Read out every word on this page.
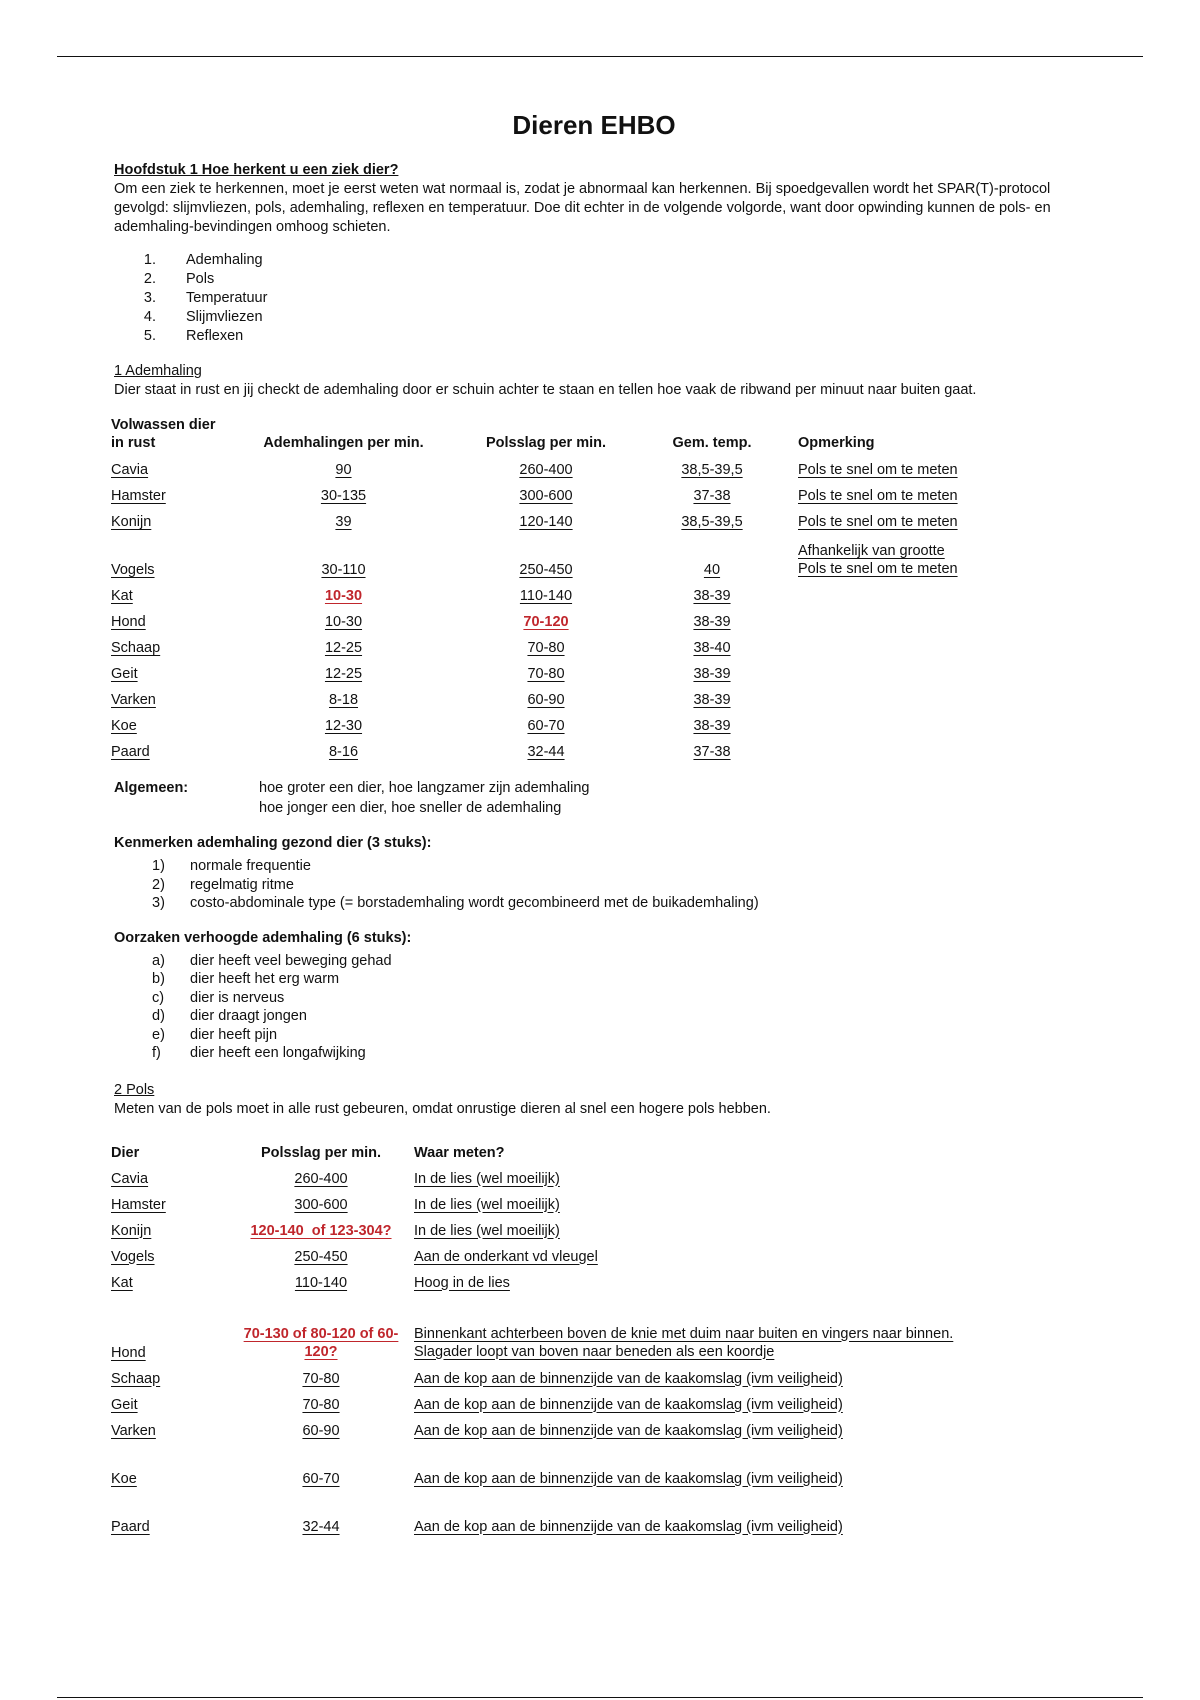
Dieren EHBO

Hoofdstuk 1 Hoe herkent u een ziek dier?

Om een ziek te herkennen, moet je eerst weten wat normaal is, zodat je abnormaal kan herkennen. Bij spoedgevallen wordt het SPAR(T)-protocol gevolgd: slijmvliezen, pols, ademhaling, reflexen en temperatuur. Doe dit echter in de volgende volgorde, want door opwinding kunnen de pols- en ademhaling-bevindingen omhoog schieten.

1.	Ademhaling
2.	Pols
3.	Temperatuur
4.	Slijmvliezen
5.	Reflexen

1 Ademhaling

Dier staat in rust en jij checkt de ademhaling door er schuin achter te staan en tellen hoe vaak de ribwand per minuut naar buiten gaat.

Volwassen dier
in rust	Ademhalingen per min.	Polsslag per min.	Gem. temp.	Opmerking
Cavia	90	260-400	38,5-39,5	Pols te snel om te meten
Hamster	30-135	300-600	37-38	Pols te snel om te meten
Konijn	39	120-140	38,5-39,5	Pols te snel om te meten
Vogels	30-110	250-450	40	Afhankelijk van grootte
Pols te snel om te meten
Kat	10-30	110-140	38-39	
Hond	10-30	70-120	38-39	
Schaap	12-25	70-80	38-40	
Geit	12-25	70-80	38-39	
Varken	8-18	60-90	38-39	
Koe	12-30	60-70	38-39	
Paard	8-16	32-44	37-38	
Algemeen:	hoe groter een dier, hoe langzamer zijn ademhaling
hoe jonger een dier, hoe sneller de ademhaling

Kenmerken ademhaling gezond dier (3 stuks):

1)	normale frequentie
2)	regelmatig ritme
3)	costo-abdominale type (= borstademhaling wordt gecombineerd met de buikademhaling)

Oorzaken verhoogde ademhaling (6 stuks):

a)	dier heeft veel beweging gehad
b)	dier heeft het erg warm
c)	dier is nerveus
d)	dier draagt jongen
e)	dier heeft pijn
f)	dier heeft een longafwijking

2 Pols

Meten van de pols moet in alle rust gebeuren, omdat onrustige dieren al snel een hogere pols hebben.

Dier	Polsslag per min.	Waar meten?
Cavia	260-400	In de lies (wel moeilijk)
Hamster	300-600	In de lies (wel moeilijk)
Konijn	120-140  of 123-304?	In de lies (wel moeilijk)
Vogels	250-450	Aan de onderkant vd vleugel
Kat	110-140	Hoog in de lies
Hond	70-130 of 80-120 of 60-
120?	Binnenkant achterbeen boven de knie met duim naar buiten en vingers naar binnen.
Slagader loopt van boven naar beneden als een koordje
Schaap	70-80	Aan de kop aan de binnenzijde van de kaakomslag (ivm veiligheid)
Geit	70-80	Aan de kop aan de binnenzijde van de kaakomslag (ivm veiligheid)
Varken	60-90	Aan de kop aan de binnenzijde van de kaakomslag (ivm veiligheid)
Koe	60-70	Aan de kop aan de binnenzijde van de kaakomslag (ivm veiligheid)
Paard	32-44	Aan de kop aan de binnenzijde van de kaakomslag (ivm veiligheid)
